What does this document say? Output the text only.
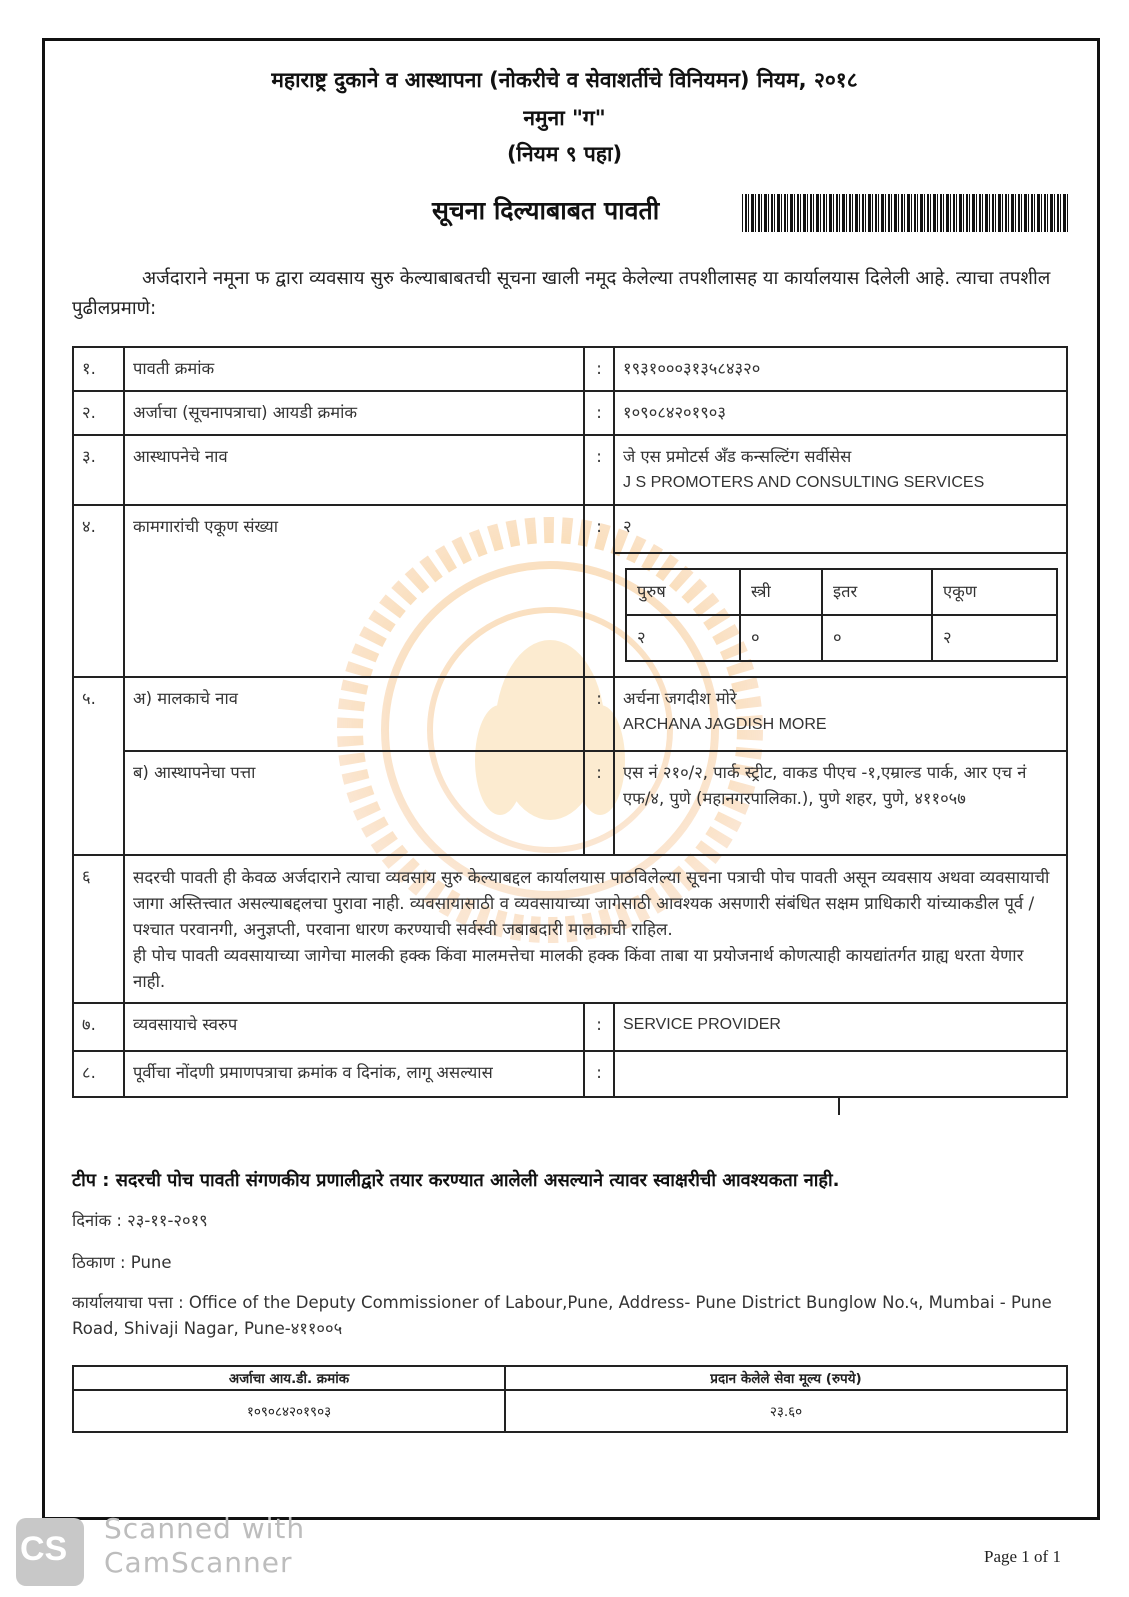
महाराष्ट्र दुकाने व आस्थापना (नोकरीचे व सेवाशर्तीचे विनियमन) नियम, २०१८
नमुना "ग"
(नियम ९ पहा)
सूचना दिल्याबाबत पावती
अर्जदाराने नमूना फ द्वारा व्यवसाय सुरु केल्याबाबतची सूचना खाली नमूद केलेल्या तपशीलासह या कार्यालयास दिलेली आहे. त्याचा तपशील पुढीलप्रमाणे:
१.	पावती क्रमांक	:	१९३१०००३१३५८४३२०
२.	अर्जाचा (सूचनापत्राचा) आयडी क्रमांक	:	१०९०८४२०१९०३
३.	आस्थापनेचे नाव	:	जे एस प्रमोटर्स अँड कन्सल्टिंग सर्वीसेस
J S PROMOTERS AND CONSULTING SERVICES

४.	कामगारांची एकूण संख्या	:	२

पुरुष	स्त्री	इतर	एकूण
२	०	०	२

५.	अ) मालकाचे नाव	:	अर्चना जगदीश मोरे
ARCHANA JAGDISH MORE

ब) आस्थापनेचा पत्ता	:	एस नं २१०/२, पार्क स्ट्रीट, वाकड पीएच -१,एम्राल्ड पार्क, आर एच नं एफ/४, पुणे (महानगरपालिका.), पुणे शहर, पुणे, ४११०५७
६	सदरची पावती ही केवळ अर्जदाराने त्याचा व्यवसाय सुरु केल्याबद्दल कार्यालयास पाठविलेल्या सूचना पत्राची पोच पावती असून व्यवसाय अथवा व्यवसायाची जागा अस्तित्त्वात असल्याबद्दलचा पुरावा नाही. व्यवसायासाठी व व्यवसायाच्या जागेसाठी आवश्यक असणारी संबंधित सक्षम प्राधिकारी यांच्याकडील पूर्व / पश्चात परवानगी, अनुज्ञप्ती, परवाना धारण करण्याची सर्वस्वी जबाबदारी मालकाची राहिल.
ही पोच पावती व्यवसायाच्या जागेचा मालकी हक्क किंवा मालमत्तेचा मालकी हक्क किंवा ताबा या प्रयोजनार्थ कोणत्याही कायद्यांतर्गत ग्राह्य धरता येणार नाही.

७.	व्यवसायाचे स्वरुप	:	SERVICE PROVIDER
८.	पूर्वीचा नोंदणी प्रमाणपत्राचा क्रमांक व दिनांक, लागू असल्यास	:	
टीप : सदरची पोच पावती संगणकीय प्रणालीद्वारे तयार करण्यात आलेली असल्याने त्यावर स्वाक्षरीची आवश्यकता नाही.
दिनांक : २३-११-२०१९
ठिकाण : Pune
कार्यालयाचा पत्ता : Office of the Deputy Commissioner of Labour,Pune, Address- Pune District Bunglow No.५, Mumbai - Pune Road, Shivaji Nagar, Pune-४११००५
अर्जाचा आय.डी. क्रमांक	प्रदान केलेले सेवा मूल्य (रुपये)
१०९०८४२०१९०३	२३.६०
CS
Scanned with
CamScanner	Page 1 of 1
